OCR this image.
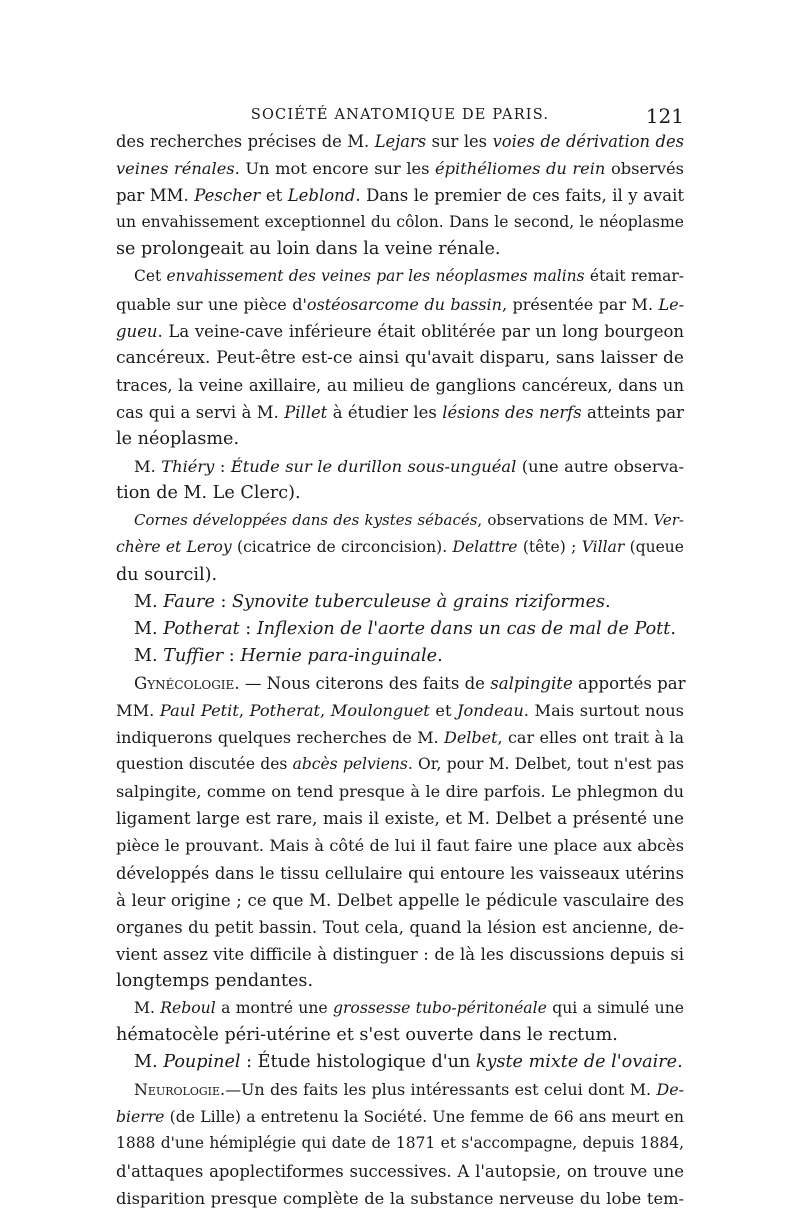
SOCIÉTÉ ANATOMIQUE DE PARIS.	121
des recherches précises de M. Lejars sur les voies de dérivation des
veines rénales. Un mot encore sur les épithéliomes du rein observés
par MM. Pescher et Leblond. Dans le premier de ces faits, il y avait
un envahissement exceptionnel du côlon. Dans le second, le néoplasme
se prolongeait au loin dans la veine rénale.
Cet envahissement des veines par les néoplasmes malins était remar-
quable sur une pièce d'ostéosarcome du bassin, présentée par M. Le-
gueu. La veine-cave inférieure était oblitérée par un long bourgeon
cancéreux. Peut-être est-ce ainsi qu'avait disparu, sans laisser de
traces, la veine axillaire, au milieu de ganglions cancéreux, dans un
cas qui a servi à M. Pillet à étudier les lésions des nerfs atteints par
le néoplasme.
M. Thiéry : Étude sur le durillon sous-unguéal (une autre observa-
tion de M. Le Clerc).
Cornes développées dans des kystes sébacés, observations de MM. Ver-
chère et Leroy (cicatrice de circoncision). Delattre (tête) ; Villar (queue
du sourcil).
M. Faure : Synovite tuberculeuse à grains riziformes.
M. Potherat : Inflexion de l'aorte dans un cas de mal de Pott.
M. Tuffier : Hernie para-inguinale.
Gynécologie. — Nous citerons des faits de salpingite apportés par
MM. Paul Petit, Potherat, Moulonguet et Jondeau. Mais surtout nous
indiquerons quelques recherches de M. Delbet, car elles ont trait à la
question discutée des abcès pelviens. Or, pour M. Delbet, tout n'est pas
salpingite, comme on tend presque à le dire parfois. Le phlegmon du
ligament large est rare, mais il existe, et M. Delbet a présenté une
pièce le prouvant. Mais à côté de lui il faut faire une place aux abcès
développés dans le tissu cellulaire qui entoure les vaisseaux utérins
à leur origine ; ce que M. Delbet appelle le pédicule vasculaire des
organes du petit bassin. Tout cela, quand la lésion est ancienne, de-
vient assez vite difficile à distinguer : de là les discussions depuis si
longtemps pendantes.
M. Reboul a montré une grossesse tubo-péritonéale qui a simulé une
hématocèle péri-utérine et s'est ouverte dans le rectum.
M. Poupinel : Étude histologique d'un kyste mixte de l'ovaire.
Neurologie.—Un des faits les plus intéressants est celui dont M. De-
bierre (de Lille) a entretenu la Société. Une femme de 66 ans meurt en
1888 d'une hémiplégie qui date de 1871 et s'accompagne, depuis 1884,
d'attaques apoplectiformes successives. A l'autopsie, on trouve une
disparition presque complète de la substance nerveuse du lobe tem-
